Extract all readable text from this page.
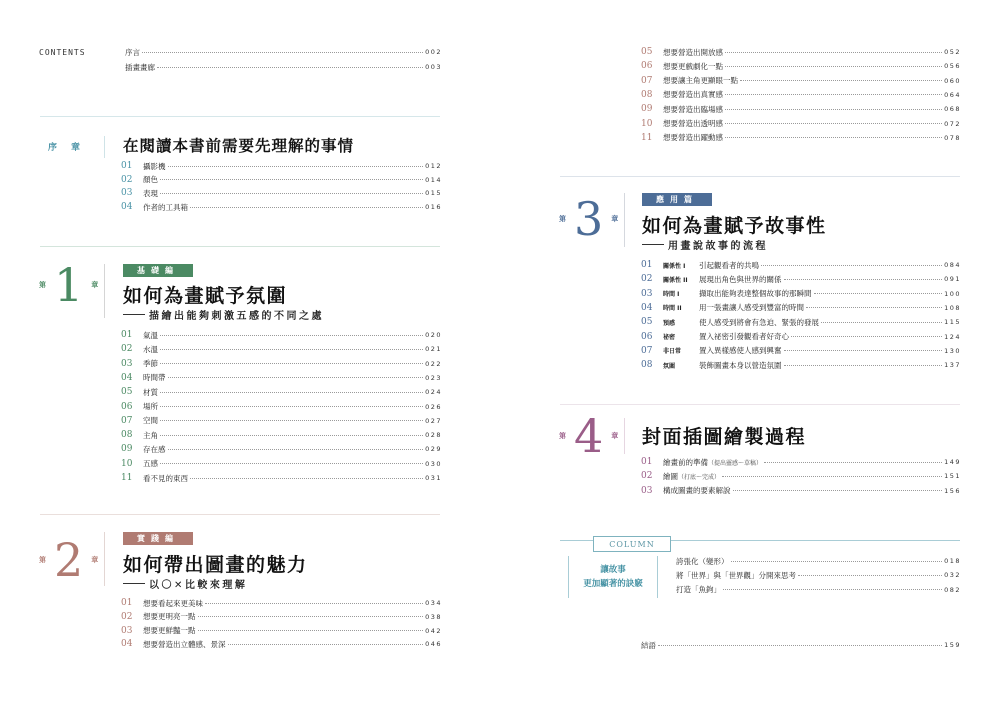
CONTENTS	序言	002
插畫畫廊	003
序章 在閱讀本書前需要先理解的事情
01	攝影機	012
02	顏色	014
03	表現	015
04	作者的工具箱	016
第 1 章
基礎編
如何為畫賦予氛圍
描繪出能夠刺激五感的不同之處
01	氣溫	020
02	水溫	021
03	季節	022
04	時間帶	023
05	材質	024
06	場所	026
07	空間	027
08	主角	028
09	存在感	029
10	五感	030
11	看不見的東西	031
第 2 章
實踐編
如何帶出圖畫的魅力
以〇✕比較來理解
01	想要看起來更美味	034
02	想要更明亮一點	038
03	想要更鮮豔一點	042
04	想要營造出立體感、景深	046
05	想要營造出開放感	052
06	想要更戲劇化一點	056
07	想要讓主角更顯眼一點	060
08	想要營造出真實感	064
09	想要營造出臨場感	068
10	想要營造出透明感	072
11	想要營造出躍動感	078
第 3 章
應用篇
如何為畫賦予故事性
用畫說故事的流程
01	關係性 I	引起觀看者的共鳴	084
02	關係性 II	展現出角色與世界的關係	091
03	時間 I	擷取出能夠表達整個故事的那瞬間	100
04	時間 II	用一張畫讓人感受到豐富的時間	108
05	預感	使人感受到將會有急迫、緊張的發展	115
06	祕密	置入祕密引發觀看者好奇心	124
07	非日常	置入異樣感使人感到興奮	130
08	氛圍	裝飾圖畫本身以營造氛圍	137
第 4 章 封面插圖繪製過程
01	繪畫前的準備（提出靈感～草稿）	149
02	繪圖（打底～完成）	151
03	構成圖畫的要素解說	156
COLUMN
讓故事
更加顯著的訣竅
誇張化（變形）	018
將「世界」與「世界觀」分開來思考	032
打造「魚鉤」	082
結語	159
